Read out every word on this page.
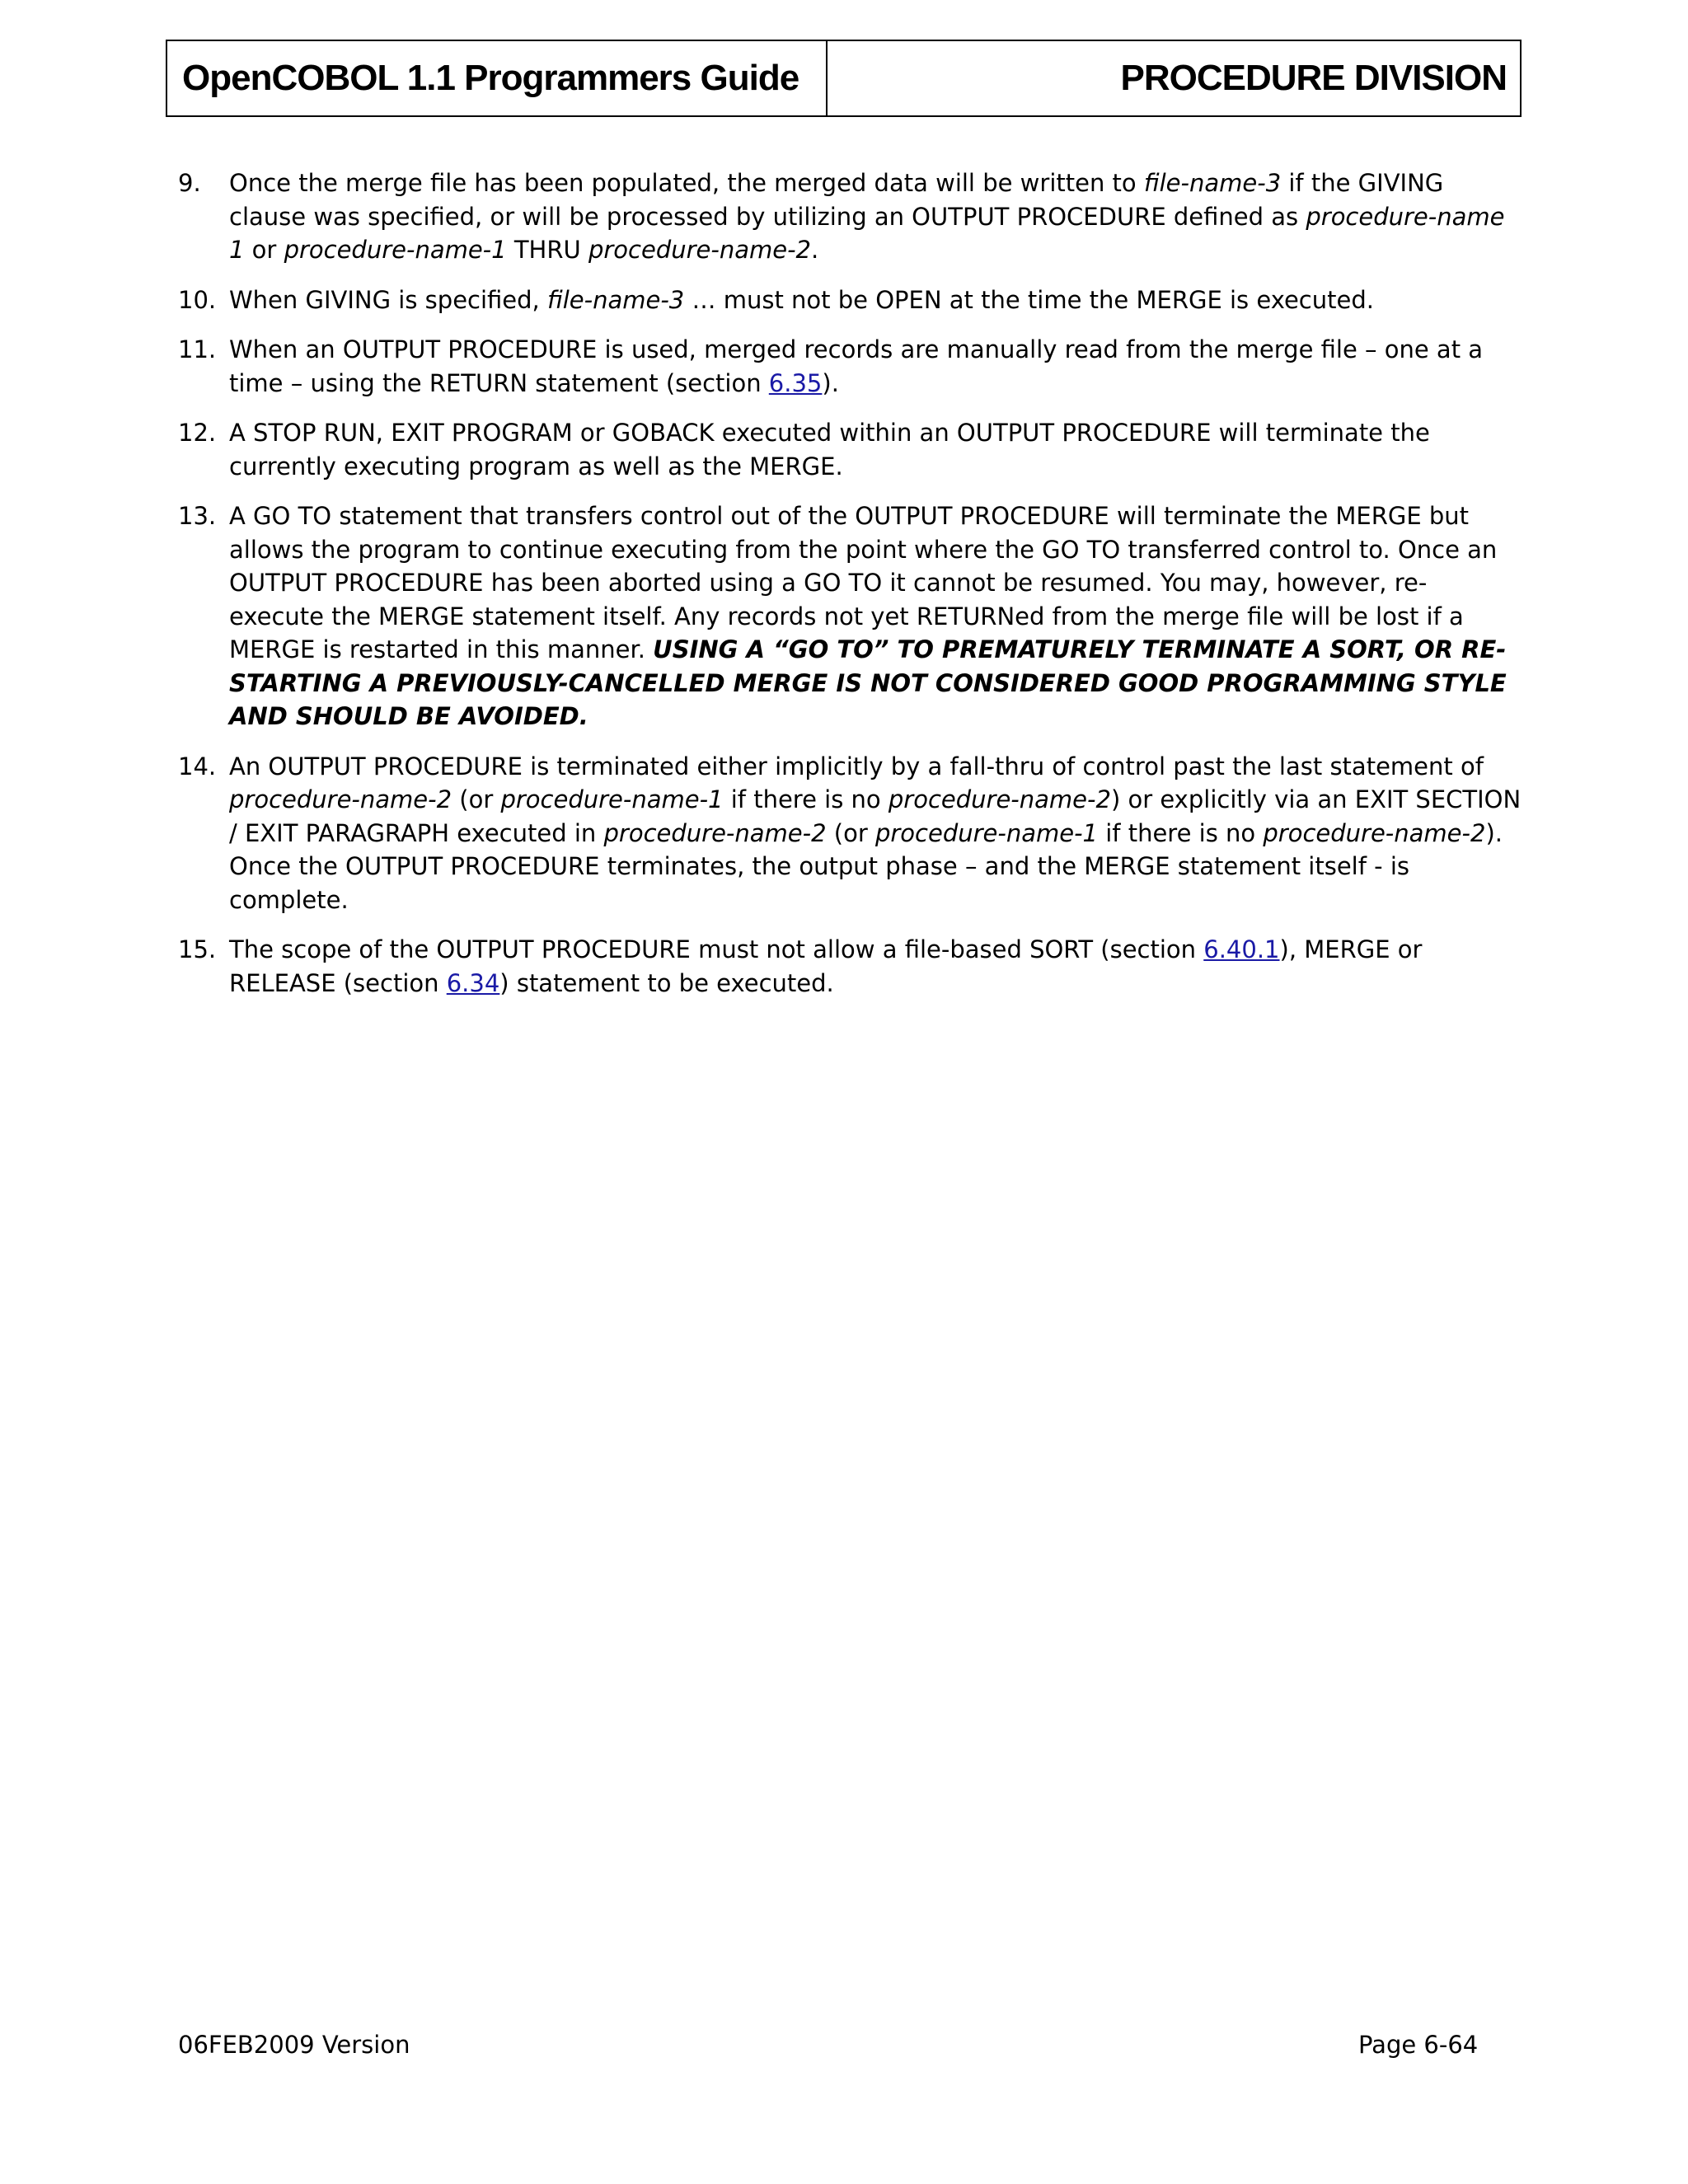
OpenCOBOL 1.1 Programmers Guide	PROCEDURE DIVISION
9. Once the merge file has been populated, the merged data will be written to file-name-3 if the GIVING clause was specified, or will be processed by utilizing an OUTPUT PROCEDURE defined as procedure-name 1 or procedure-name-1 THRU procedure-name-2.
10. When GIVING is specified, file-name-3 … must not be OPEN at the time the MERGE is executed.
11. When an OUTPUT PROCEDURE is used, merged records are manually read from the merge file – one at a time – using the RETURN statement (section 6.35).
12. A STOP RUN, EXIT PROGRAM or GOBACK executed within an OUTPUT PROCEDURE will terminate the currently executing program as well as the MERGE.
13. A GO TO statement that transfers control out of the OUTPUT PROCEDURE will terminate the MERGE but allows the program to continue executing from the point where the GO TO transferred control to. Once an OUTPUT PROCEDURE has been aborted using a GO TO it cannot be resumed. You may, however, re-execute the MERGE statement itself. Any records not yet RETURNed from the merge file will be lost if a MERGE is restarted in this manner. USING A “GO TO” TO PREMATURELY TERMINATE A SORT, OR RE-STARTING A PREVIOUSLY-CANCELLED MERGE IS NOT CONSIDERED GOOD PROGRAMMING STYLE AND SHOULD BE AVOIDED.
14. An OUTPUT PROCEDURE is terminated either implicitly by a fall-thru of control past the last statement of procedure-name-2 (or procedure-name-1 if there is no procedure-name-2) or explicitly via an EXIT SECTION / EXIT PARAGRAPH executed in procedure-name-2 (or procedure-name-1 if there is no procedure-name-2). Once the OUTPUT PROCEDURE terminates, the output phase – and the MERGE statement itself - is complete.
15. The scope of the OUTPUT PROCEDURE must not allow a file-based SORT (section 6.40.1), MERGE or RELEASE (section 6.34) statement to be executed.
06FEB2009 Version	Page 6-64
